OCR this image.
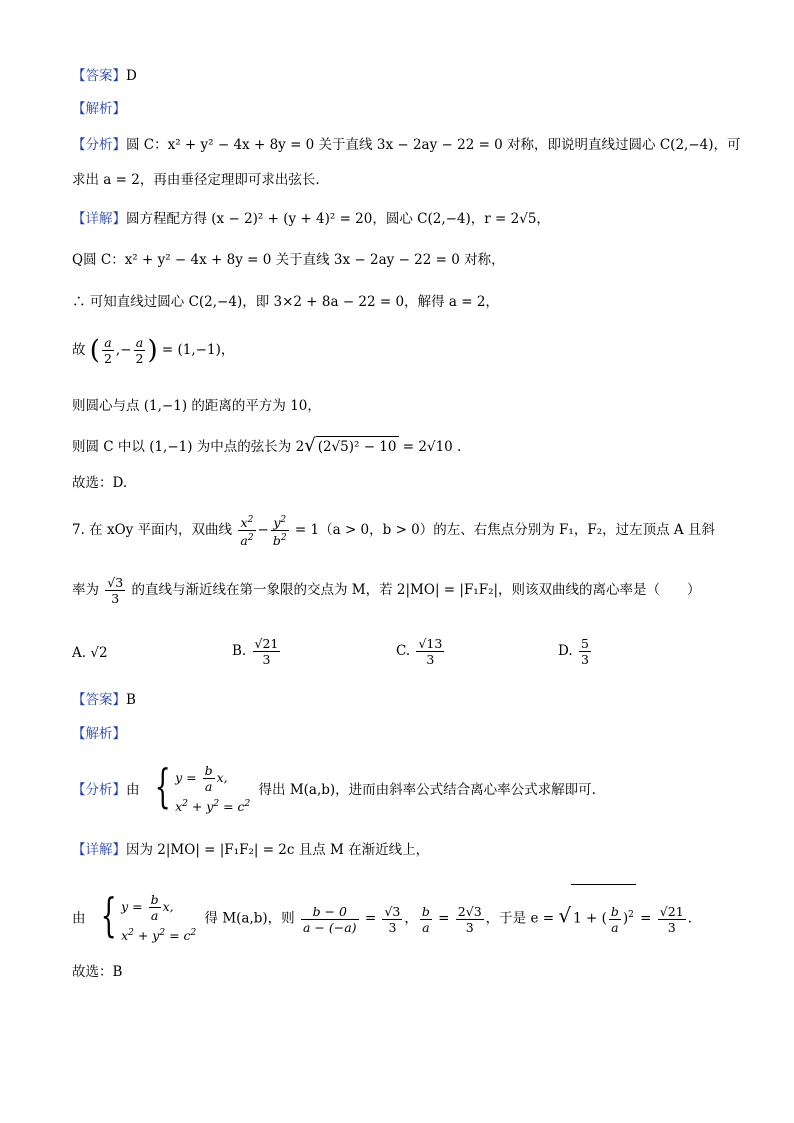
【答案】D
【解析】
【分析】圆 C：x² + y² − 4x + 8y = 0 关于直线 3x − 2ay − 22 = 0 对称，即说明直线过圆心 C(2,−4)，可
求出 a = 2，再由垂径定理即可求出弦长.
【详解】圆方程配方得 (x − 2)² + (y + 4)² = 20，圆心 C(2,−4)，r = 2√5，
Q圆 C：x² + y² − 4x + 8y = 0 关于直线 3x − 2ay − 22 = 0 对称，
∴ 可知直线过圆心 C(2,−4)，即 3×2 + 8a − 22 = 0，解得 a = 2，
故 ( $\frac{a}{2}$ ,− $\frac{a}{2}$ ) = (1,−1)，
则圆心与点 (1,−1) 的距离的平方为 10，
则圆 C 中以 (1,−1) 为中点的弦长为 2√ (2√5)² − 10 = 2√10 .
故选：D.
7. 在 xOy 平面内，双曲线 $\frac{x^2}{a^2} - \frac{y^2}{b^2} = 1(a > 0$，b > 0）的左、右焦点分别为 F₁，F₂，过左顶点 A 且斜
率为 $\frac{√3}{3}$ 的直线与渐近线在第一象限的交点为 M，若 2|MO| = |F₁F₂|，则该双曲线的离心率是（　　）
A. √2	B. $\frac{√21}{3}$	C. $\frac{√13}{3}$	D. $\frac{5}{3}$
【答案】B
【解析】
【分析】由 { $y = \frac{b}{a} x$,
$x^2 + y^2 = c^2$
得出 M(a,b)，进而由斜率公式结合离心率公式求解即可.
【详解】因为 2|MO| = |F₁F₂| = 2c 且点 M 在渐近线上，
由 { $y = \frac{b}{a} x$,
$x^2 + y^2 = c^2$
得 M(a,b)，则 $\frac{b - 0}{a - (-a)} = \frac{√3}{3}$ ， $\frac{b}{a} = \frac{2√3}{3}$ ，于是 e = √ 1 + ( $\frac{b}{a} )^2 = \frac{√21}{3}$ .
故选：B
